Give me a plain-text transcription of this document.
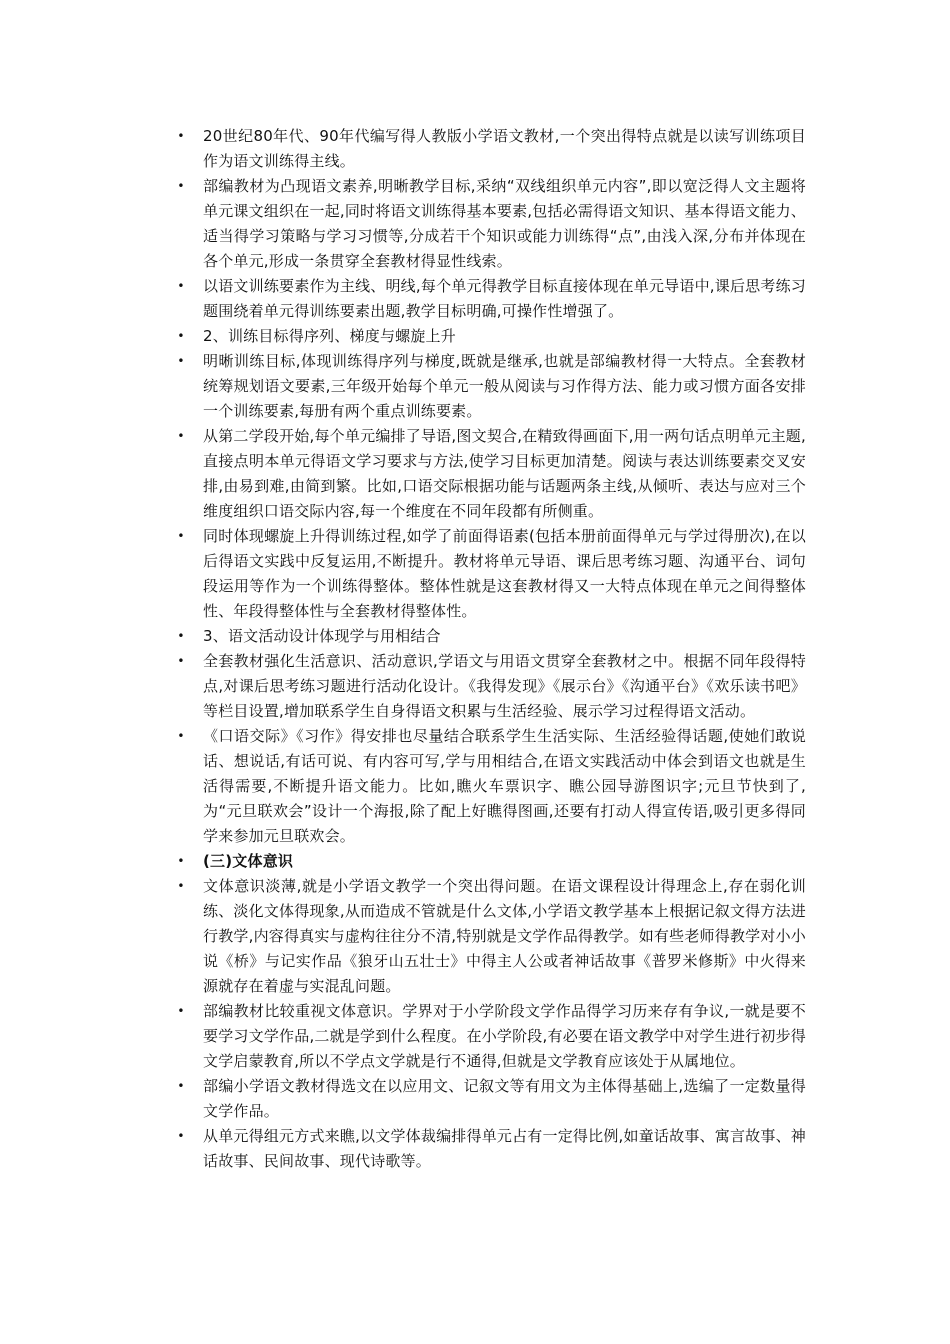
• 20世纪80年代、90年代编写得人教版小学语文教材,一个突出得特点就是以读写训练项目作为语文训练得主线。
• 部编教材为凸现语文素养,明晰教学目标,采纳“双线组织单元内容”,即以宽泛得人文主题将单元课文组织在一起,同时将语文训练得基本要素,包括必需得语文知识、基本得语文能力、适当得学习策略与学习习惯等,分成若干个知识或能力训练得“点”,由浅入深,分布并体现在各个单元,形成一条贯穿全套教材得显性线索。
• 以语文训练要素作为主线、明线,每个单元得教学目标直接体现在单元导语中,课后思考练习题围绕着单元得训练要素出题,教学目标明确,可操作性增强了。
• 2、训练目标得序列、梯度与螺旋上升
• 明晰训练目标,体现训练得序列与梯度,既就是继承,也就是部编教材得一大特点。全套教材统筹规划语文要素,三年级开始每个单元一般从阅读与习作得方法、能力或习惯方面各安排一个训练要素,每册有两个重点训练要素。
• 从第二学段开始,每个单元编排了导语,图文契合,在精致得画面下,用一两句话点明单元主题,直接点明本单元得语文学习要求与方法,使学习目标更加清楚。阅读与表达训练要素交叉安排,由易到难,由简到繁。比如,口语交际根据功能与话题两条主线,从倾听、表达与应对三个维度组织口语交际内容,每一个维度在不同年段都有所侧重。
• 同时体现螺旋上升得训练过程,如学了前面得语素(包括本册前面得单元与学过得册次),在以后得语文实践中反复运用,不断提升。教材将单元导语、课后思考练习题、沟通平台、词句段运用等作为一个训练得整体。整体性就是这套教材得又一大特点体现在单元之间得整体性、年段得整体性与全套教材得整体性。
• 3、语文活动设计体现学与用相结合
• 全套教材强化生活意识、活动意识,学语文与用语文贯穿全套教材之中。根据不同年段得特点,对课后思考练习题进行活动化设计。《我得发现》《展示台》《沟通平台》《欢乐读书吧》等栏目设置,增加联系学生自身得语文积累与生活经验、展示学习过程得语文活动。
• 《口语交际》《习作》得安排也尽量结合联系学生生活实际、生活经验得话题,使她们敢说话、想说话,有话可说、有内容可写,学与用相结合,在语文实践活动中体会到语文也就是生活得需要,不断提升语文能力。比如,瞧火车票识字、瞧公园导游图识字;元旦节快到了,为“元旦联欢会”设计一个海报,除了配上好瞧得图画,还要有打动人得宣传语,吸引更多得同学来参加元旦联欢会。
• (三)文体意识
• 文体意识淡薄,就是小学语文教学一个突出得问题。在语文课程设计得理念上,存在弱化训练、淡化文体得现象,从而造成不管就是什么文体,小学语文教学基本上根据记叙文得方法进行教学,内容得真实与虚构往往分不清,特别就是文学作品得教学。如有些老师得教学对小小说《桥》与记实作品《狼牙山五壮士》中得主人公或者神话故事《普罗米修斯》中火得来源就存在着虚与实混乱问题。
• 部编教材比较重视文体意识。学界对于小学阶段文学作品得学习历来存有争议,一就是要不要学习文学作品,二就是学到什么程度。在小学阶段,有必要在语文教学中对学生进行初步得文学启蒙教育,所以不学点文学就是行不通得,但就是文学教育应该处于从属地位。
• 部编小学语文教材得选文在以应用文、记叙文等有用文为主体得基础上,选编了一定数量得文学作品。
• 从单元得组元方式来瞧,以文学体裁编排得单元占有一定得比例,如童话故事、寓言故事、神话故事、民间故事、现代诗歌等。
